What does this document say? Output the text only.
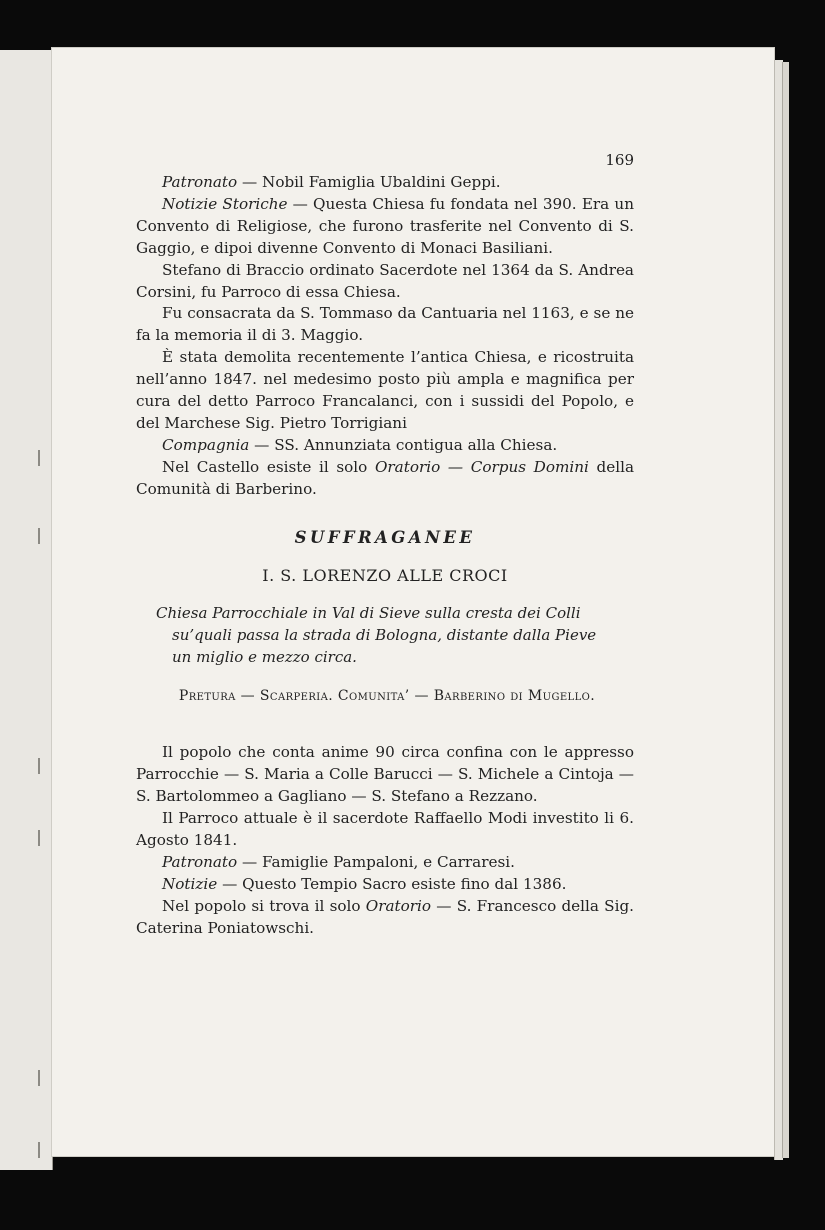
169

Patronato — Nobil Famiglia Ubaldini Geppi.

Notizie Storiche — Questa Chiesa fu fondata nel 390. Era un Convento di Religiose, che furono trasferite nel Convento di S. Gaggio, e dipoi divenne Convento di Monaci Basiliani.

Stefano di Braccio ordinato Sacerdote nel 1364 da S. Andrea Corsini, fu Parroco di essa Chiesa.

Fu consacrata da S. Tommaso da Cantuaria nel 1163, e se ne fa la memoria il di 3. Maggio.

È stata demolita recentemente l’antica Chiesa, e ricostruita nell’anno 1847. nel medesimo posto più ampla e magnifica per cura del detto Parroco Francalanci, con i sussidi del Popolo, e del Marchese Sig. Pietro Torrigiani

Compagnia — SS. Annunziata contigua alla Chiesa.

Nel Castello esiste il solo Oratorio — Corpus Domini della Comunità di Barberino.

SUFFRAGANEE
I. S. LORENZO ALLE CROCI
Chiesa Parrocchiale in Val di Sieve sulla cresta dei Colli
su’quali passa la strada di Bologna, distante dalla Pieve
un miglio e mezzo circa.
Pretura — Scarperia. Comunita’ — Barberino di Mugello.

Il popolo che conta anime 90 circa confina con le appresso Parrocchie — S. Maria a Colle Barucci — S. Michele a Cintoja — S. Bartolommeo a Gagliano — S. Stefano a Rezzano.

Il Parroco attuale è il sacerdote Raffaello Modi investito li 6. Agosto 1841.

Patronato — Famiglie Pampaloni, e Carraresi.

Notizie — Questo Tempio Sacro esiste fino dal 1386.

Nel popolo si trova il solo Oratorio — S. Francesco della Sig. Caterina Poniatowschi.
